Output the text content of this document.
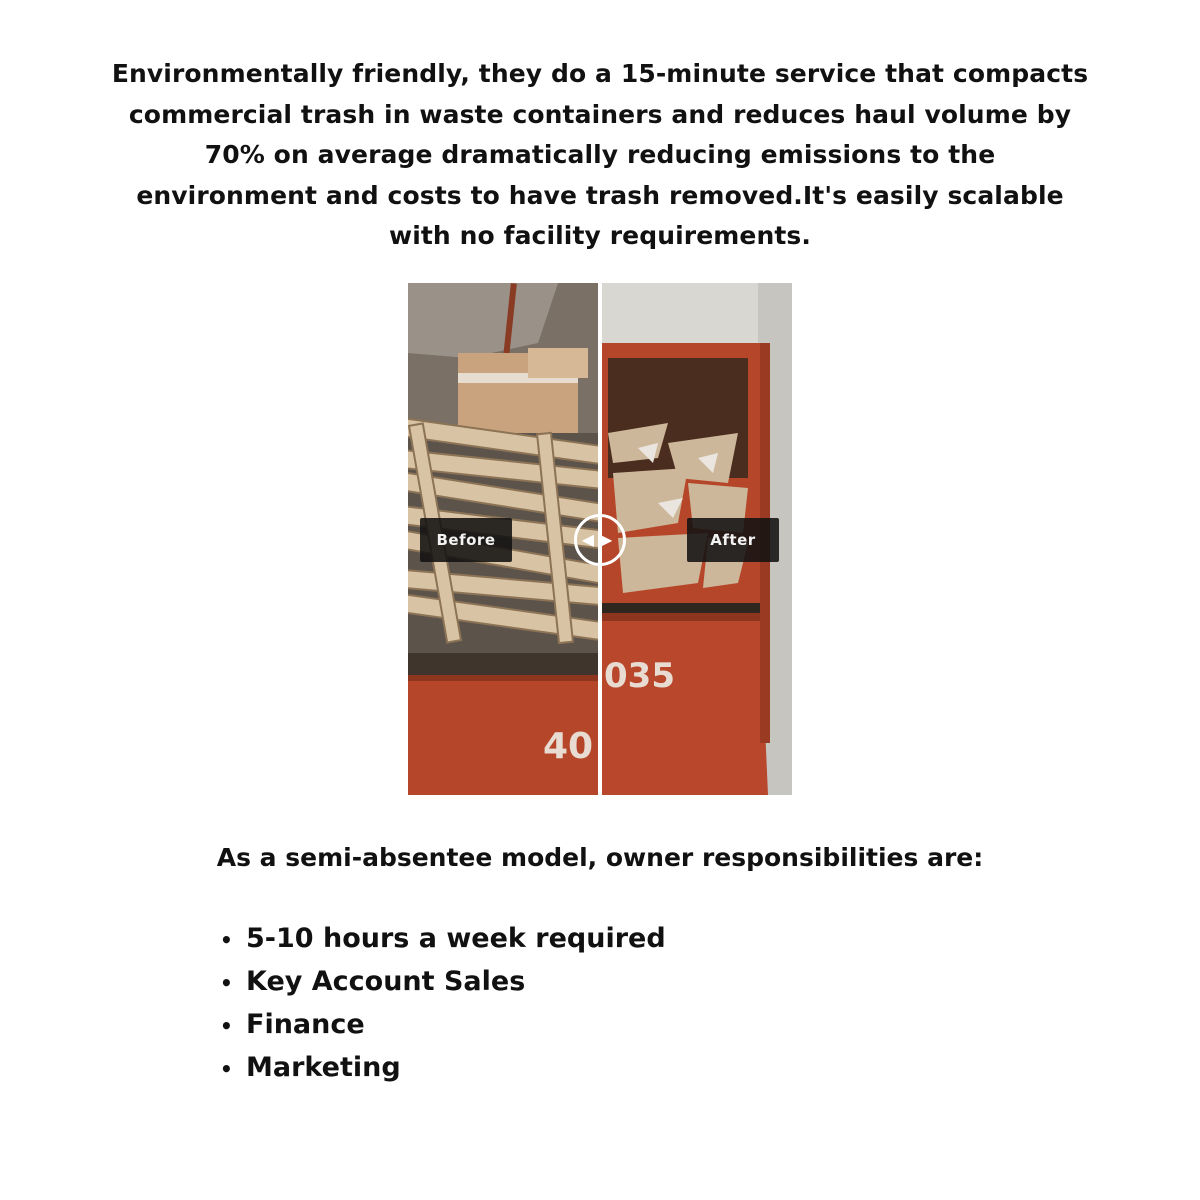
Environmentally friendly, they do a 15-minute service that compacts commercial trash in waste containers and reduces haul volume by 70% on average dramatically reducing emissions to the environment and costs to have trash removed.It's easily scalable with no facility requirements.

40
035
Before	After
◀▶

As a semi-absentee model, owner responsibilities are:

• 5-10 hours a week required
• Key Account Sales
• Finance
• Marketing
